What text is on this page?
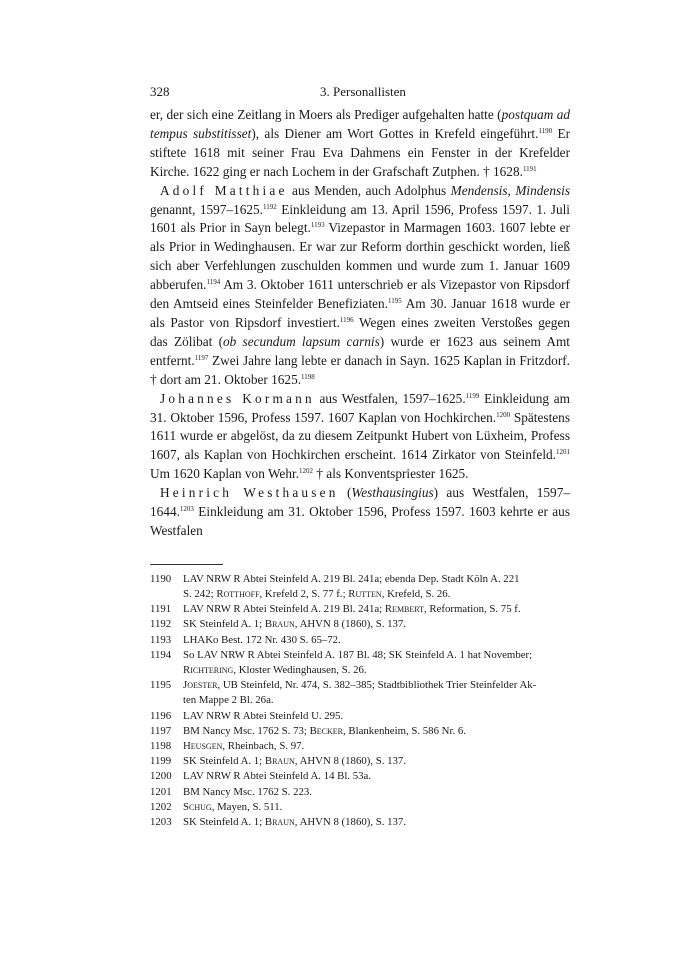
328	3. Personallisten

er, der sich eine Zeitlang in Moers als Prediger aufgehalten hatte (postquam ad tempus substitisset), als Diener am Wort Gottes in Krefeld eingeführt.$^{1190}$ Er stiftete 1618 mit seiner Frau Eva Dahmens ein Fenster in der Krefelder Kirche. 1622 ging er nach Lochem in der Grafschaft Zutphen. † 1628.$^{1191}$

Adolf Matthiae aus Menden, auch Adolphus Mendensis, Mindensis genannt, 1597–1625.$^{1192}$ Einkleidung am 13. April 1596, Profess 1597. 1. Juli 1601 als Prior in Sayn belegt.$^{1193}$ Vizepastor in Marmagen 1603. 1607 lebte er als Prior in Wedinghausen. Er war zur Reform dorthin geschickt worden, ließ sich aber Verfehlungen zuschulden kommen und wurde zum 1. Januar 1609 abberufen.$^{1194}$ Am 3. Oktober 1611 unterschrieb er als Vizepastor von Ripsdorf den Amtseid eines Steinfelder Benefiziaten.$^{1195}$ Am 30. Januar 1618 wurde er als Pastor von Ripsdorf investiert.$^{1196}$ Wegen eines zweiten Verstoßes gegen das Zölibat (ob secundum lapsum carnis) wurde er 1623 aus seinem Amt entfernt.$^{1197}$ Zwei Jahre lang lebte er danach in Sayn. 1625 Kaplan in Fritzdorf. † dort am 21. Oktober 1625.$^{1198}$

Johannes Kormann aus Westfalen, 1597–1625.$^{1199}$ Einkleidung am 31. Oktober 1596, Profess 1597. 1607 Kaplan von Hochkirchen.$^{1200}$ Spätestens 1611 wurde er abgelöst, da zu diesem Zeitpunkt Hubert von Lüxheim, Profess 1607, als Kaplan von Hochkirchen erscheint. 1614 Zirkator von Steinfeld.$^{1201}$ Um 1620 Kaplan von Wehr.$^{1202}$ † als Konventspriester 1625.

Heinrich Westhausen (Westhausingius) aus Westfalen, 1597–1644.$^{1203}$ Einkleidung am 31. Oktober 1596, Profess 1597. 1603 kehrte er aus Westfalen

1190	LAV NRW R Abtei Steinfeld A. 219 Bl. 241a; ebenda Dep. Stadt Köln A. 221
S. 242; Rotthoff, Krefeld 2, S. 77 f.; Rutten, Krefeld, S. 26.
1191	LAV NRW R Abtei Steinfeld A. 219 Bl. 241a; Rembert, Reformation, S. 75 f.
1192	SK Steinfeld A. 1; Braun, AHVN 8 (1860), S. 137.
1193	LHAKo Best. 172 Nr. 430 S. 65–72.
1194	So LAV NRW R Abtei Steinfeld A. 187 Bl. 48; SK Steinfeld A. 1 hat November;
Richtering, Kloster Wedinghausen, S. 26.
1195	Joester, UB Steinfeld, Nr. 474, S. 382–385; Stadtbibliothek Trier Steinfelder Ak-
ten Mappe 2 Bl. 26a.
1196	LAV NRW R Abtei Steinfeld U. 295.
1197	BM Nancy Msc. 1762 S. 73; Becker, Blankenheim, S. 586 Nr. 6.
1198	Heusgen, Rheinbach, S. 97.
1199	SK Steinfeld A. 1; Braun, AHVN 8 (1860), S. 137.
1200	LAV NRW R Abtei Steinfeld A. 14 Bl. 53a.
1201	BM Nancy Msc. 1762 S. 223.
1202	Schug, Mayen, S. 511.
1203	SK Steinfeld A. 1; Braun, AHVN 8 (1860), S. 137.
